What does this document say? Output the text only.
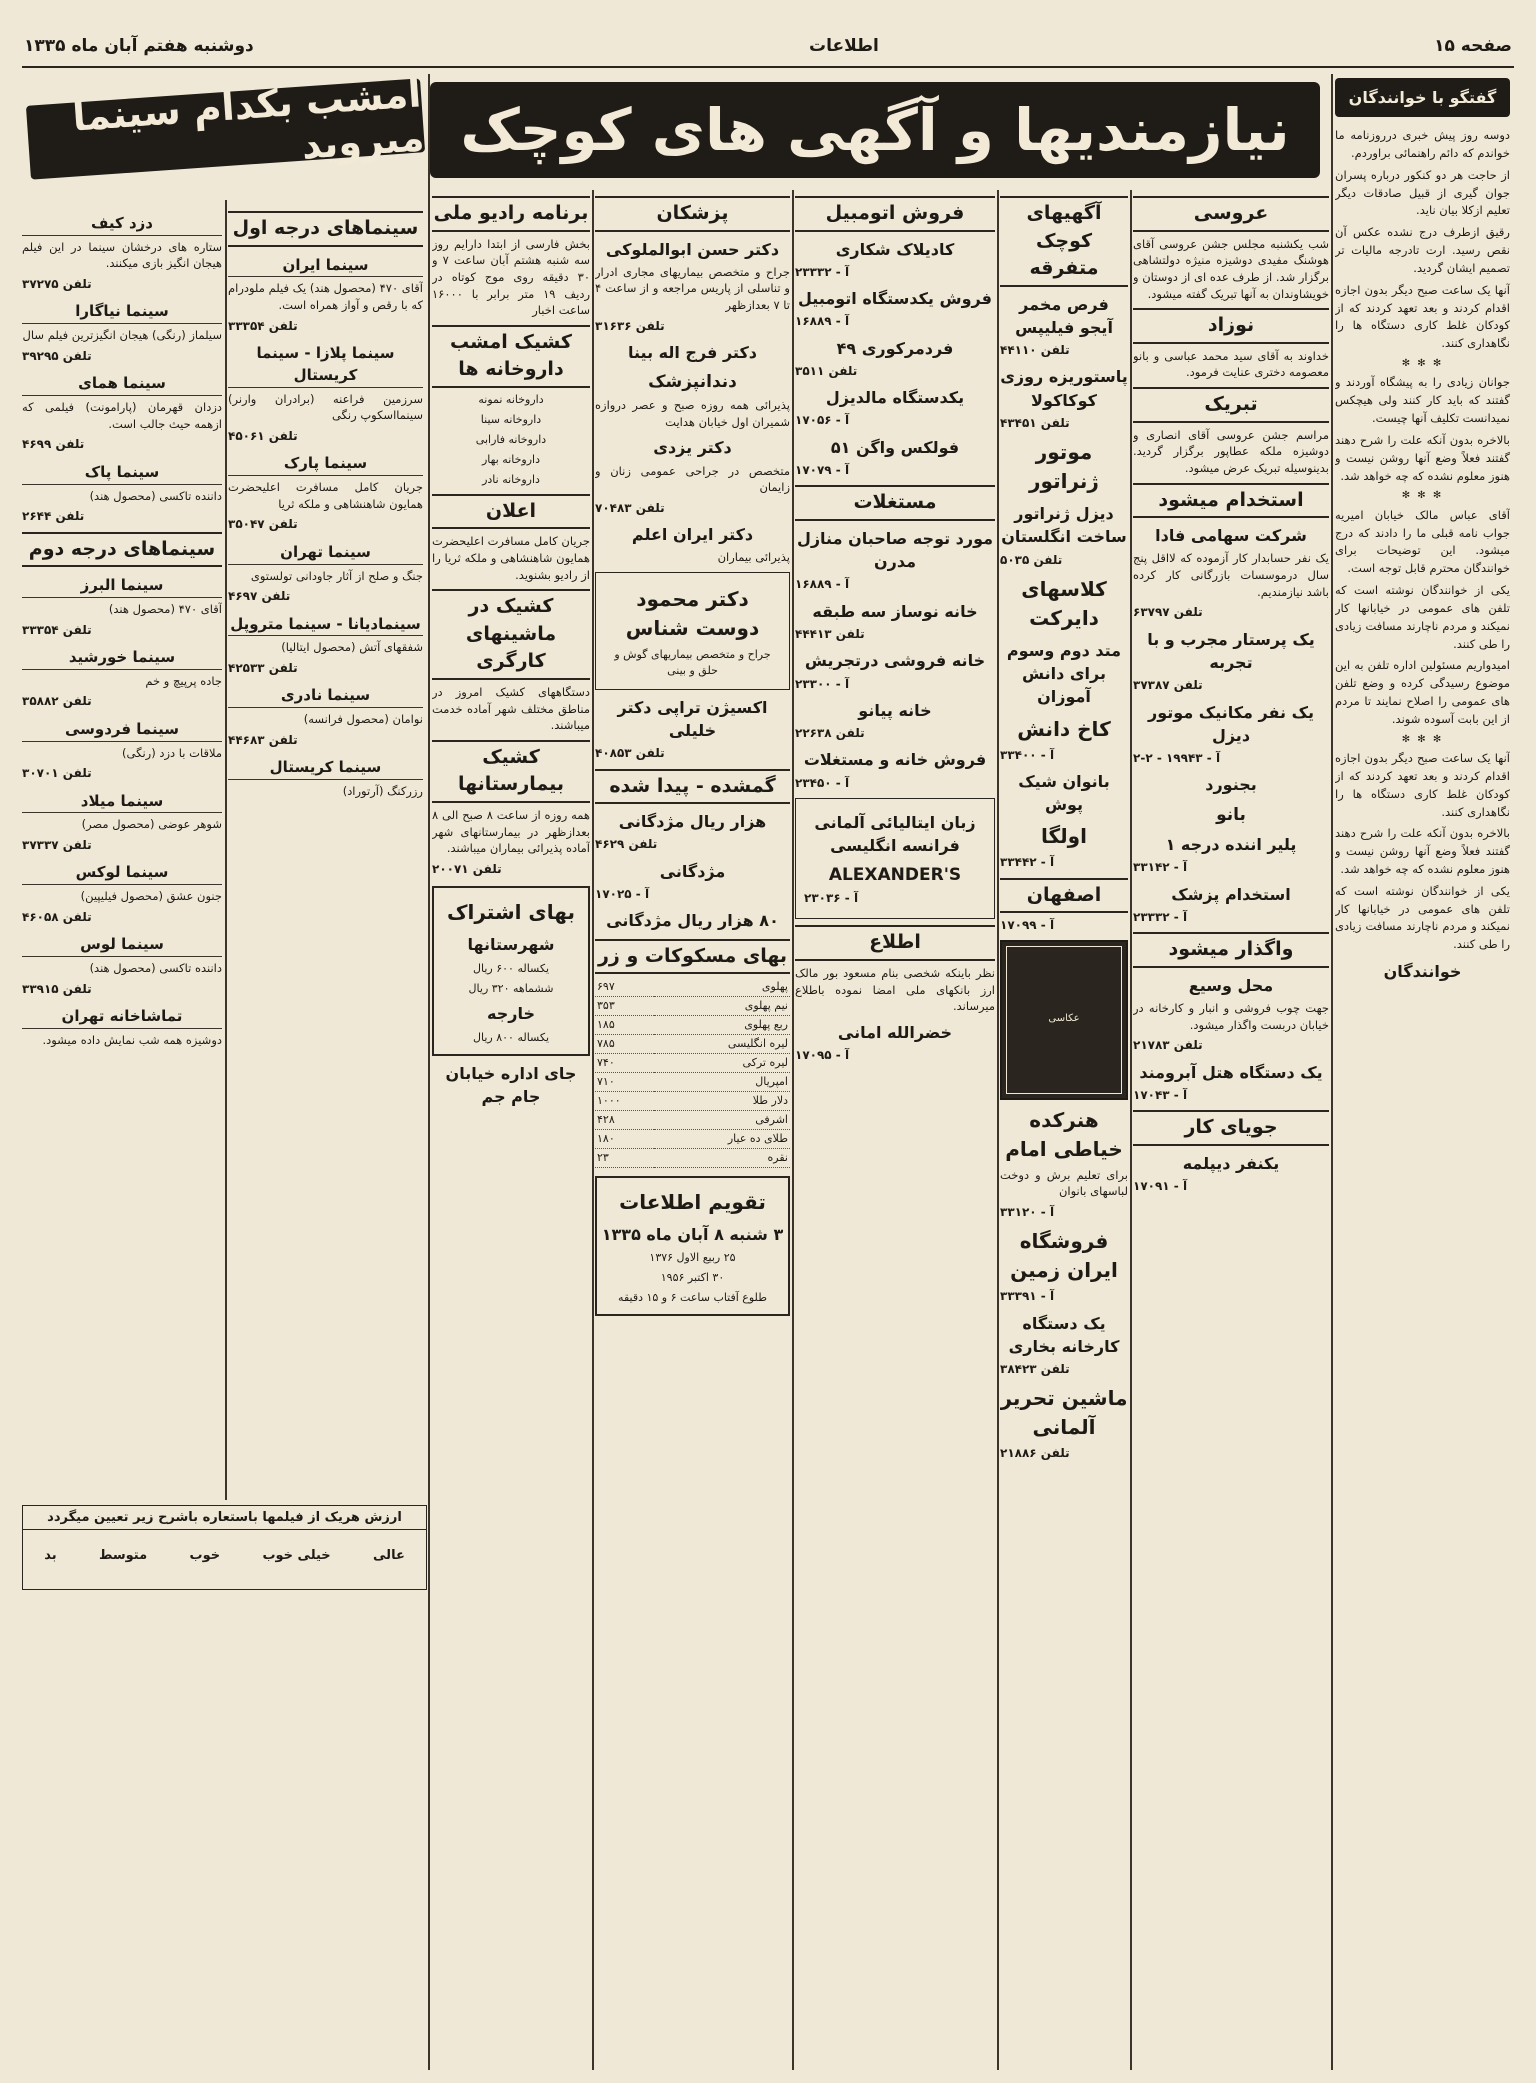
صفحه ۱۵
اطلاعات
دوشنبه هفتم آبان ماه ۱۳۳۵
نیازمندیها و آگهی های کوچک	گفتگو با خوانندگان

دوسه روز پیش خبری درروزنامه ما خواندم که دائم راهنمائی براوردم.

از حاجت هر دو کنکور درباره پسران جوان گیری از قبیل صادقات دیگر تعلیم ازکلا بیان ناید.

رقیق ازطرف درج نشده عکس آن نقص رسید. ارت تادرجه مالیات تر تصمیم ایشان گردید.

آنها یک ساعت صبح دیگر بدون اجازه اقدام کردند و بعد تعهد کردند که از کودکان غلط کاری دستگاه ها را نگاهداری کنند.

✻ ✻ ✻

جوانان زیادی را به پیشگاه آوردند و گفتند که باید کار کنند ولی هیچکس نمیدانست تکلیف آنها چیست.

بالاخره بدون آنکه علت را شرح دهند گفتند فعلاً وضع آنها روشن نیست و هنوز معلوم نشده که چه خواهد شد.

✻ ✻ ✻

آقای عباس مالک خیابان امیریه جواب نامه قبلی ما را دادند که درج میشود. این توضیحات برای خوانندگان محترم قابل توجه است.

یکی از خوانندگان نوشته است که تلفن های عمومی در خیابانها کار نمیکند و مردم ناچارند مسافت زیادی را طی کنند.

امیدواریم مسئولین اداره تلفن به این موضوع رسیدگی کرده و وضع تلفن های عمومی را اصلاح نمایند تا مردم از این بابت آسوده شوند.

✻ ✻ ✻

آنها یک ساعت صبح دیگر بدون اجازه اقدام کردند و بعد تعهد کردند که از کودکان غلط کاری دستگاه ها را نگاهداری کنند.

بالاخره بدون آنکه علت را شرح دهند گفتند فعلاً وضع آنها روشن نیست و هنوز معلوم نشده که چه خواهد شد.

یکی از خوانندگان نوشته است که تلفن های عمومی در خیابانها کار نمیکند و مردم ناچارند مسافت زیادی را طی کنند.

خوانندگان
عروسی

شب یکشنبه مجلس جشن عروسی آقای هوشنگ مفیدی دوشیزه منیژه دولتشاهی برگزار شد. از طرف عده ای از دوستان و خویشاوندان به آنها تبریک گفته میشود.

نوزاد

خداوند به آقای سید محمد عباسی و بانو معصومه دختری عنایت فرمود.

تبریک

مراسم جشن عروسی آقای انصاری و دوشیزه ملکه عطاپور برگزار گردید. بدینوسیله تبریک عرض میشود.

استخدام میشود
شرکت سهامی فادا

یک نفر حسابدار کار آزموده که لااقل پنج سال درموسسات بازرگانی کار کرده باشد نیازمندیم.

تلفن ۶۳۷۹۷
یک پرستار مجرب و با تجربه
تلفن ۳۷۳۸۷
یک نفر مکانیک موتور دیزل
آ - ۱۹۹۴۳ - ۲-۲
بجنورد
بانو
پلیر اننده درجه ۱
آ - ۳۳۱۴۲
استخدام پزشک
آ - ۲۳۳۳۲
واگذار میشود
محل وسیع

جهت چوب فروشی و انبار و کارخانه در خیابان دربست واگذار میشود.

تلفن ۲۱۷۸۳
یک دستگاه هتل آبرومند
آ - ۱۷۰۴۳
جویای کار
یکنفر دیپلمه
آ - ۱۷۰۹۱
آگهیهای کوچک متفرقه
فرص مخمر آیجو فیلیپس
تلفن ۴۴۱۱۰
پاستوریزه روزی کوکاکولا
تلفن ۴۳۴۵۱
موتور ژنراتور
دیزل ژنراتور ساخت انگلستان
تلفن ۵۰۳۵
کلاسهای دایرکت
متد دوم وسوم برای دانش آموزان
کاخ دانش
آ - ۳۳۴۰۰
بانوان شیک پوش
اولگا
آ - ۳۳۴۴۲
اصفهان
آ - ۱۷۰۹۹
عکاسی
هنرکده خیاطی امام

برای تعلیم برش و دوخت لباسهای بانوان

آ - ۳۳۱۲۰
فروشگاه ایران زمین
آ - ۳۳۳۹۱
یک دستگاه کارخانه بخاری
تلفن ۳۸۴۲۳
ماشین تحریر آلمانی
تلفن ۲۱۸۸۶
فروش اتومبیل
کادیلاک شکاری
آ - ۲۳۳۳۲
فروش یکدستگاه اتومبیل
آ - ۱۶۸۸۹
فردمرکوری ۴۹
تلفن ۳۵۱۱
یکدستگاه مالدیزل
آ - ۱۷۰۵۶
فولکس واگن ۵۱
آ - ۱۷۰۷۹
مستغلات
مورد توجه صاحبان منازل مدرن
آ - ۱۶۸۸۹
خانه نوساز سه طبقه
تلفن ۴۴۴۱۳
خانه فروشی درتجریش
آ - ۲۳۳۰۰
خانه پیانو
تلفن ۲۲۶۳۸
فروش خانه و مستغلات
آ - ۲۳۴۵۰
زبان ایتالیائی آلمانی فرانسه انگلیسی
ALEXANDER'S
آ - ۲۳۰۳۶
اطلاع

نظر باینکه شخصی بنام مسعود بور مالک ارز بانکهای ملی امضا نموده باطلاع میرساند.

خضرالله امانی
آ - ۱۷۰۹۵
پزشکان
دکتر حسن ابوالملوکی

جراح و متخصص بیماریهای مجاری ادرار و تناسلی از پاریس مراجعه و از ساعت ۴ تا ۷ بعدازظهر

تلفن ۳۱۶۳۶
دکتر فرج اله بینا
دندانپزشک

پذیرائی همه روزه صبح و عصر دروازه شمیران اول خیابان هدایت

دکتر یزدی

متخصص در جراحی عمومی زنان و زایمان

تلفن ۷۰۴۸۳
دکتر ایران اعلم

پذیرائی بیماران

دکتر محمود دوست شناس
جراح و متخصص بیماریهای گوش و حلق و بینی
اکسیژن تراپی دکتر خلیلی
تلفن ۴۰۸۵۳
گمشده - پیدا شده
هزار ریال مژدگانی
تلفن ۴۶۲۹
مژدگانی
آ - ۱۷۰۲۵
۸۰ هزار ریال مژدگانی
بهای مسکوکات و زر
پهلوی	۶۹۷
نیم پهلوی	۳۵۳
ربع پهلوی	۱۸۵
لیره انگلیسی	۷۸۵
لیره ترکی	۷۴۰
امپریال	۷۱۰
دلار طلا	۱۰۰۰
اشرفی	۴۲۸
طلای ده عیار	۱۸۰
نقره	۲۳
تقویم اطلاعات
۳ شنبه ۸ آبان ماه ۱۳۳۵
۲۵ ربیع الاول ۱۳۷۶
۳۰ اکتبر ۱۹۵۶
طلوع آفتاب ساعت ۶ و ۱۵ دقیقه
برنامه رادیو ملی

بخش فارسی از ابتدا دارایم روز سه شنبه هشتم آبان ساعت ۷ و ۳۰ دقیقه روی موج کوتاه در ردیف ۱۹ متر برابر با ۱۶۰۰۰ ساعت اخبار

کشیک امشب داروخانه ها
داروخانه نمونه
داروخانه سینا
داروخانه فارابی
داروخانه بهار
داروخانه نادر
اعلان

جریان کامل مسافرت اعلیحضرت همایون شاهنشاهی و ملکه ثریا را از رادیو بشنوید.

کشیک در ماشینهای کارگری

دستگاههای کشیک امروز در مناطق مختلف شهر آماده خدمت میباشند.

کشیک بیمارستانها

همه روزه از ساعت ۸ صبح الی ۸ بعدازظهر در بیمارستانهای شهر آماده پذیرائی بیماران میباشند.

تلفن ۲۰۰۷۱
بهای اشتراک
شهرستانها
یکساله ۶۰۰ ریال
ششماهه ۳۲۰ ریال
خارجه
یکساله ۸۰۰ ریال
جای اداره خیابان جام جم
امشب بکدام سینما میروید
سینماهای درجه اول
سینما ایران

آقای ۴۷۰ (محصول هند) یک فیلم ملودرام که با رقص و آواز همراه است.

تلفن ۳۳۳۵۴
سینما پلازا - سینما کریستال

سرزمین فراعنه (برادران وارنر) سینمااسکوپ رنگی

تلفن ۴۵۰۶۱
سینما پارک

جریان کامل مسافرت اعلیحضرت همایون شاهنشاهی و ملکه ثریا

تلفن ۳۵۰۴۷
سینما تهران

جنگ و صلح از آثار جاودانی تولستوی

تلفن ۴۶۹۷
سینمادیانا - سینما متروپل

شفقهای آتش (محصول ایتالیا)

تلفن ۴۲۵۳۳
سینما نادری

نوامان (محصول فرانسه)

تلفن ۴۴۶۸۳
سینما کریستال

رزرکنگ (آرتوراد)

دزد کیف

ستاره های درخشان سینما در این فیلم هیجان انگیز بازی میکنند.

تلفن ۳۷۲۷۵
سینما نیاگارا

سیلماز (رنگی) هیجان انگیزترین فیلم سال

تلفن ۳۹۲۹۵
سینما همای

دزدان قهرمان (پارامونت) فیلمی که ازهمه حیث جالب است.

تلفن ۴۶۹۹
سینما پاک

داننده تاکسی (محصول هند)

تلفن ۲۶۴۴
سینماهای درجه دوم
سینما البرز

آقای ۴۷۰ (محصول هند)

تلفن ۳۳۳۵۴
سینما خورشید

جاده پرپیچ و خم

تلفن ۳۵۸۸۲
سینما فردوسی

ملاقات با دزد (رنگی)

تلفن ۳۰۷۰۱
سینما میلاد

شوهر عوضی (محصول مصر)

تلفن ۳۷۳۳۷
سینما لوکس

جنون عشق (محصول فیلیپین)

تلفن ۴۶۰۵۸
سینما لوس

داننده تاکسی (محصول هند)

تلفن ۳۳۹۱۵
تماشاخانه تهران

دوشیزه همه شب نمایش داده میشود.

ارزش هریک از فیلمها باستعاره باشرح زیر تعیین میگردد
عالی
خیلی خوب
خوب
متوسط
بد
